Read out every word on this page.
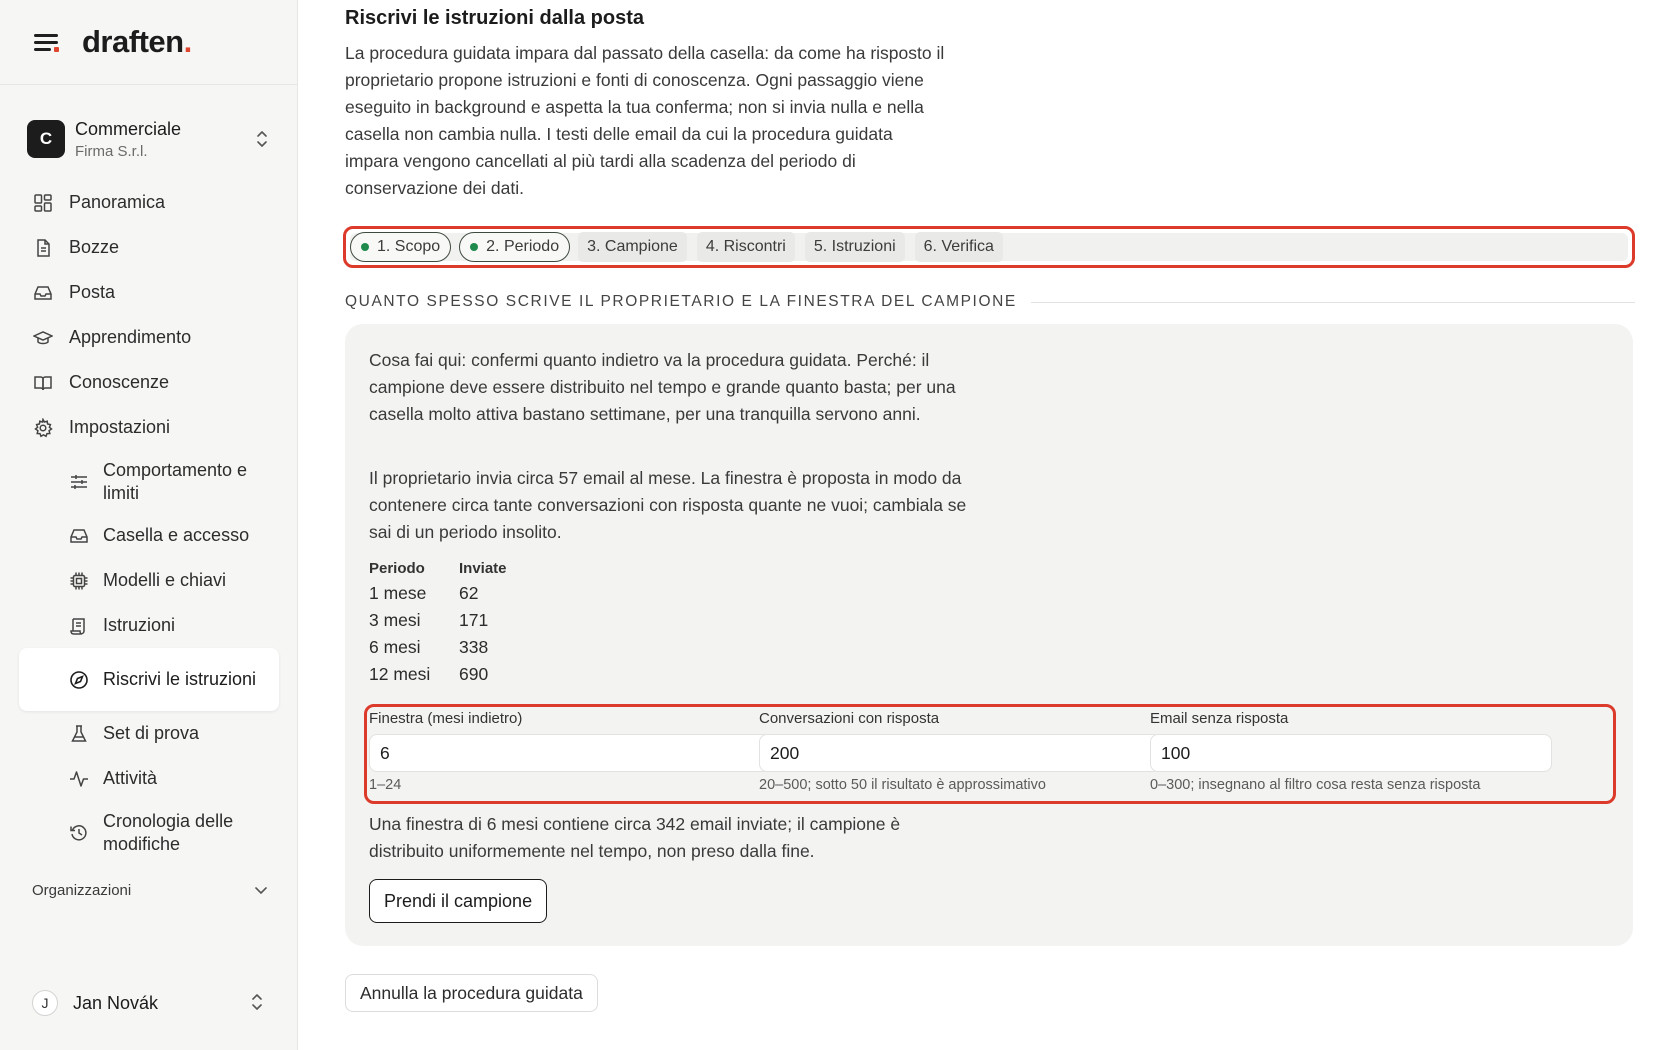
draften.
C	Commerciale
Firma S.r.l.
Panoramica
Bozze
Posta
Apprendimento
Conoscenze
Impostazioni
Comportamento e limiti
Casella e accesso
Modelli e chiavi
Istruzioni
Riscrivi le istruzioni
Set di prova
Attività
Cronologia delle modifiche
Organizzazioni
J	Jan Novák
Riscrivi le istruzioni dalla posta

La procedura guidata impara dal passato della casella: da come ha risposto il proprietario propone istruzioni e fonti di conoscenza. Ogni passaggio viene eseguito in background e aspetta la tua conferma; non si invia nulla e nella casella non cambia nulla. I testi delle email da cui la procedura guidata impara vengono cancellati al più tardi alla scadenza del periodo di conservazione dei dati.

1. Scopo	2. Periodo 3. Campione 4. Riscontri 5. Istruzioni 6. Verifica
QUANTO SPESSO SCRIVE IL PROPRIETARIO E LA FINESTRA DEL CAMPIONE

Cosa fai qui: confermi quanto indietro va la procedura guidata. Perché: il campione deve essere distribuito nel tempo e grande quanto basta; per una casella molto attiva bastano settimane, per una tranquilla servono anni.

Il proprietario invia circa 57 email al mese. La finestra è proposta in modo da contenere circa tante conversazioni con risposta quante ne vuoi; cambiala se sai di un periodo insolito.

Periodo	Inviate
1 mese	62
3 mesi	171
6 mesi	338
12 mesi	690
Finestra (mesi indietro)
6
1–24
Conversazioni con risposta
200
20–500; sotto 50 il risultato è approssimativo
Email senza risposta
100
0–300; insegnano al filtro cosa resta senza risposta

Una finestra di 6 mesi contiene circa 342 email inviate; il campione è distribuito uniformemente nel tempo, non preso dalla fine.

Prendi il campione
Annulla la procedura guidata
